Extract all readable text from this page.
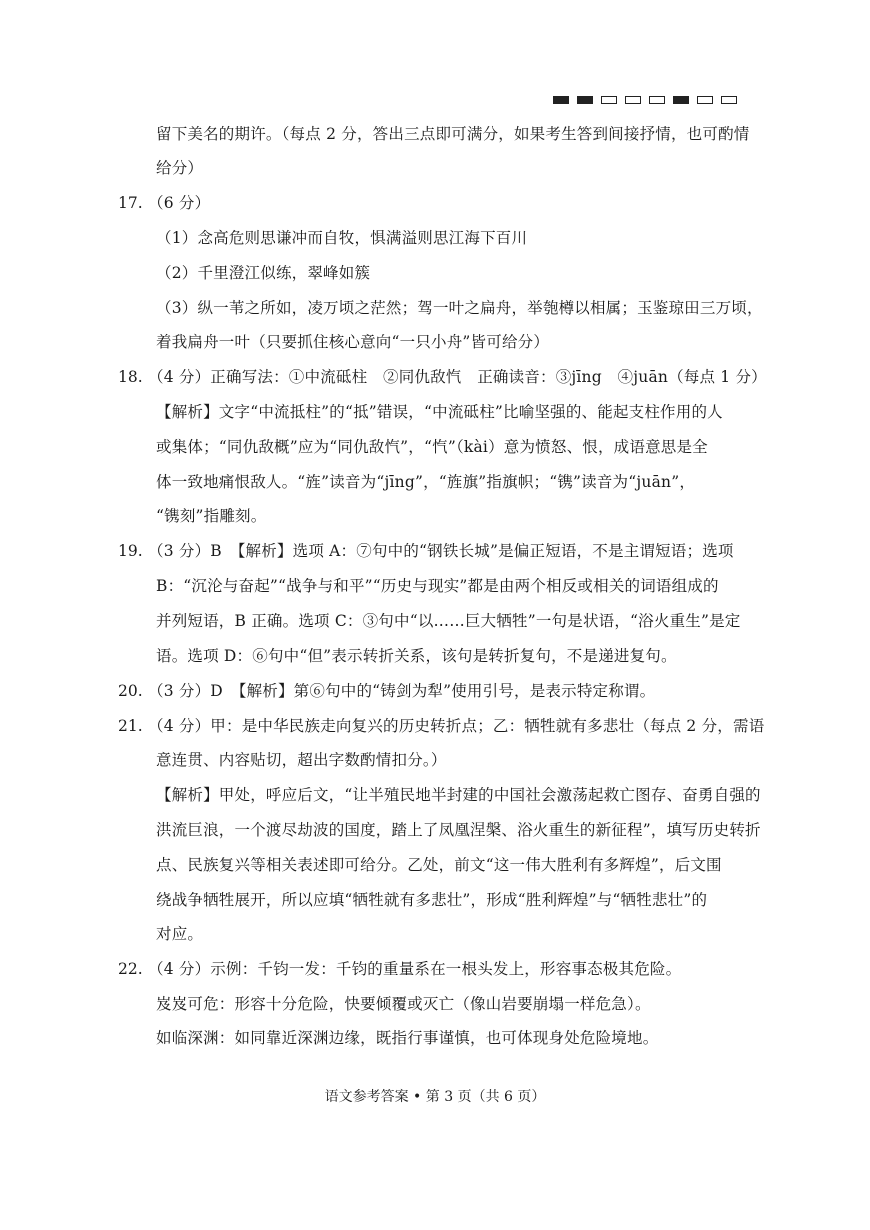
留下美名的期许。（每点 2 分，答出三点即可满分，如果考生答到间接抒情，也可酌情
给分）
17. （6 分）
（1）念高危则思谦冲而自牧，惧满溢则思江海下百川
（2）千里澄江似练，翠峰如簇
（3）纵一苇之所如，凌万顷之茫然；驾一叶之扁舟，举匏樽以相属；玉鉴琼田三万顷，
着我扁舟一叶（只要抓住核心意向“一只小舟”皆可给分）
18. （4 分）正确写法：①中流砥柱　②同仇敌忾　正确读音：③jīng　④juān（每点 1 分）
【解析】文字“中流抵柱”的“抵”错误，“中流砥柱”比喻坚强的、能起支柱作用的人
或集体；“同仇敌概”应为“同仇敌忾”，“忾”（kài）意为愤怒、恨，成语意思是全
体一致地痛恨敌人。“旌”读音为“jīng”，“旌旗”指旗帜；“镌”读音为“juān”，
“镌刻”指雕刻。
19. （3 分）B　【解析】选项 A：⑦句中的“钢铁长城”是偏正短语，不是主谓短语；选项
B：“沉沦与奋起”“战争与和平”“历史与现实”都是由两个相反或相关的词语组成的
并列短语，B 正确。选项 C：③句中“以……巨大牺牲”一句是状语，“浴火重生”是定
语。选项 D：⑥句中“但”表示转折关系，该句是转折复句，不是递进复句。
20. （3 分）D　【解析】第⑥句中的“铸剑为犁”使用引号，是表示特定称谓。
21. （4 分）甲：是中华民族走向复兴的历史转折点；乙：牺牲就有多悲壮（每点 2 分，需语
意连贯、内容贴切，超出字数酌情扣分。）
【解析】甲处，呼应后文，“让半殖民地半封建的中国社会激荡起救亡图存、奋勇自强的
洪流巨浪，一个渡尽劫波的国度，踏上了凤凰涅槃、浴火重生的新征程”，填写历史转折
点、民族复兴等相关表述即可给分。乙处，前文“这一伟大胜利有多辉煌”，后文围
绕战争牺牲展开，所以应填“牺牲就有多悲壮”，形成“胜利辉煌”与“牺牲悲壮”的
对应。
22. （4 分）示例：千钧一发：千钧的重量系在一根头发上，形容事态极其危险。
岌岌可危：形容十分危险，快要倾覆或灭亡（像山岩要崩塌一样危急）。
如临深渊：如同靠近深渊边缘，既指行事谨慎，也可体现身处危险境地。
语文参考答案 • 第 3 页（共 6 页）
